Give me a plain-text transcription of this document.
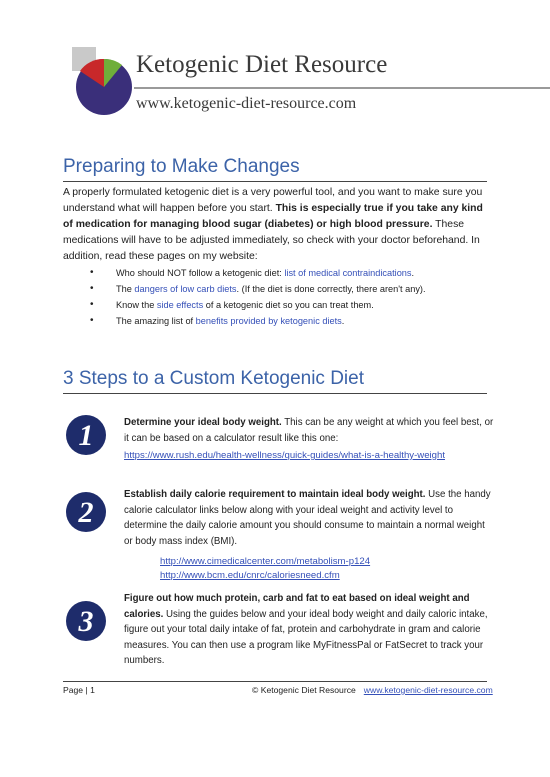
Ketogenic Diet Resource
www.ketogenic-diet-resource.com
Preparing to Make Changes
A properly formulated ketogenic diet is a very powerful tool, and you want to make sure you understand what will happen before you start. This is especially true if you take any kind of medication for managing blood sugar (diabetes) or high blood pressure. These medications will have to be adjusted immediately, so check with your doctor beforehand. In addition, read these pages on my website:
• Who should NOT follow a ketogenic diet: list of medical contraindications.
• The dangers of low carb diets. (If the diet is done correctly, there aren't any).
• Know the side effects of a ketogenic diet so you can treat them.
• The amazing list of benefits provided by ketogenic diets.
3 Steps to a Custom Ketogenic Diet
1	Determine your ideal body weight. This can be any weight at which you feel best, or it can be based on a calculator result like this one:
https://www.rush.edu/health-wellness/quick-guides/what-is-a-healthy-weight
2
Establish daily calorie requirement to maintain ideal body weight. Use the handy calorie calculator links below along with your ideal weight and activity level to determine the daily calorie amount you should consume to maintain a normal weight or body mass index (BMI).
http://www.cimedicalcenter.com/metabolism-p124
http://www.bcm.edu/cnrc/caloriesneed.cfm
3
Figure out how much protein, carb and fat to eat based on ideal weight and calories. Using the guides below and your ideal body weight and daily caloric intake, figure out your total daily intake of fat, protein and carbohydrate in gram and calorie measures. You can then use a program like MyFitnessPal or FatSecret to track your numbers.
Page | 1	© Ketogenic Diet Resource www.ketogenic-diet-resource.com
